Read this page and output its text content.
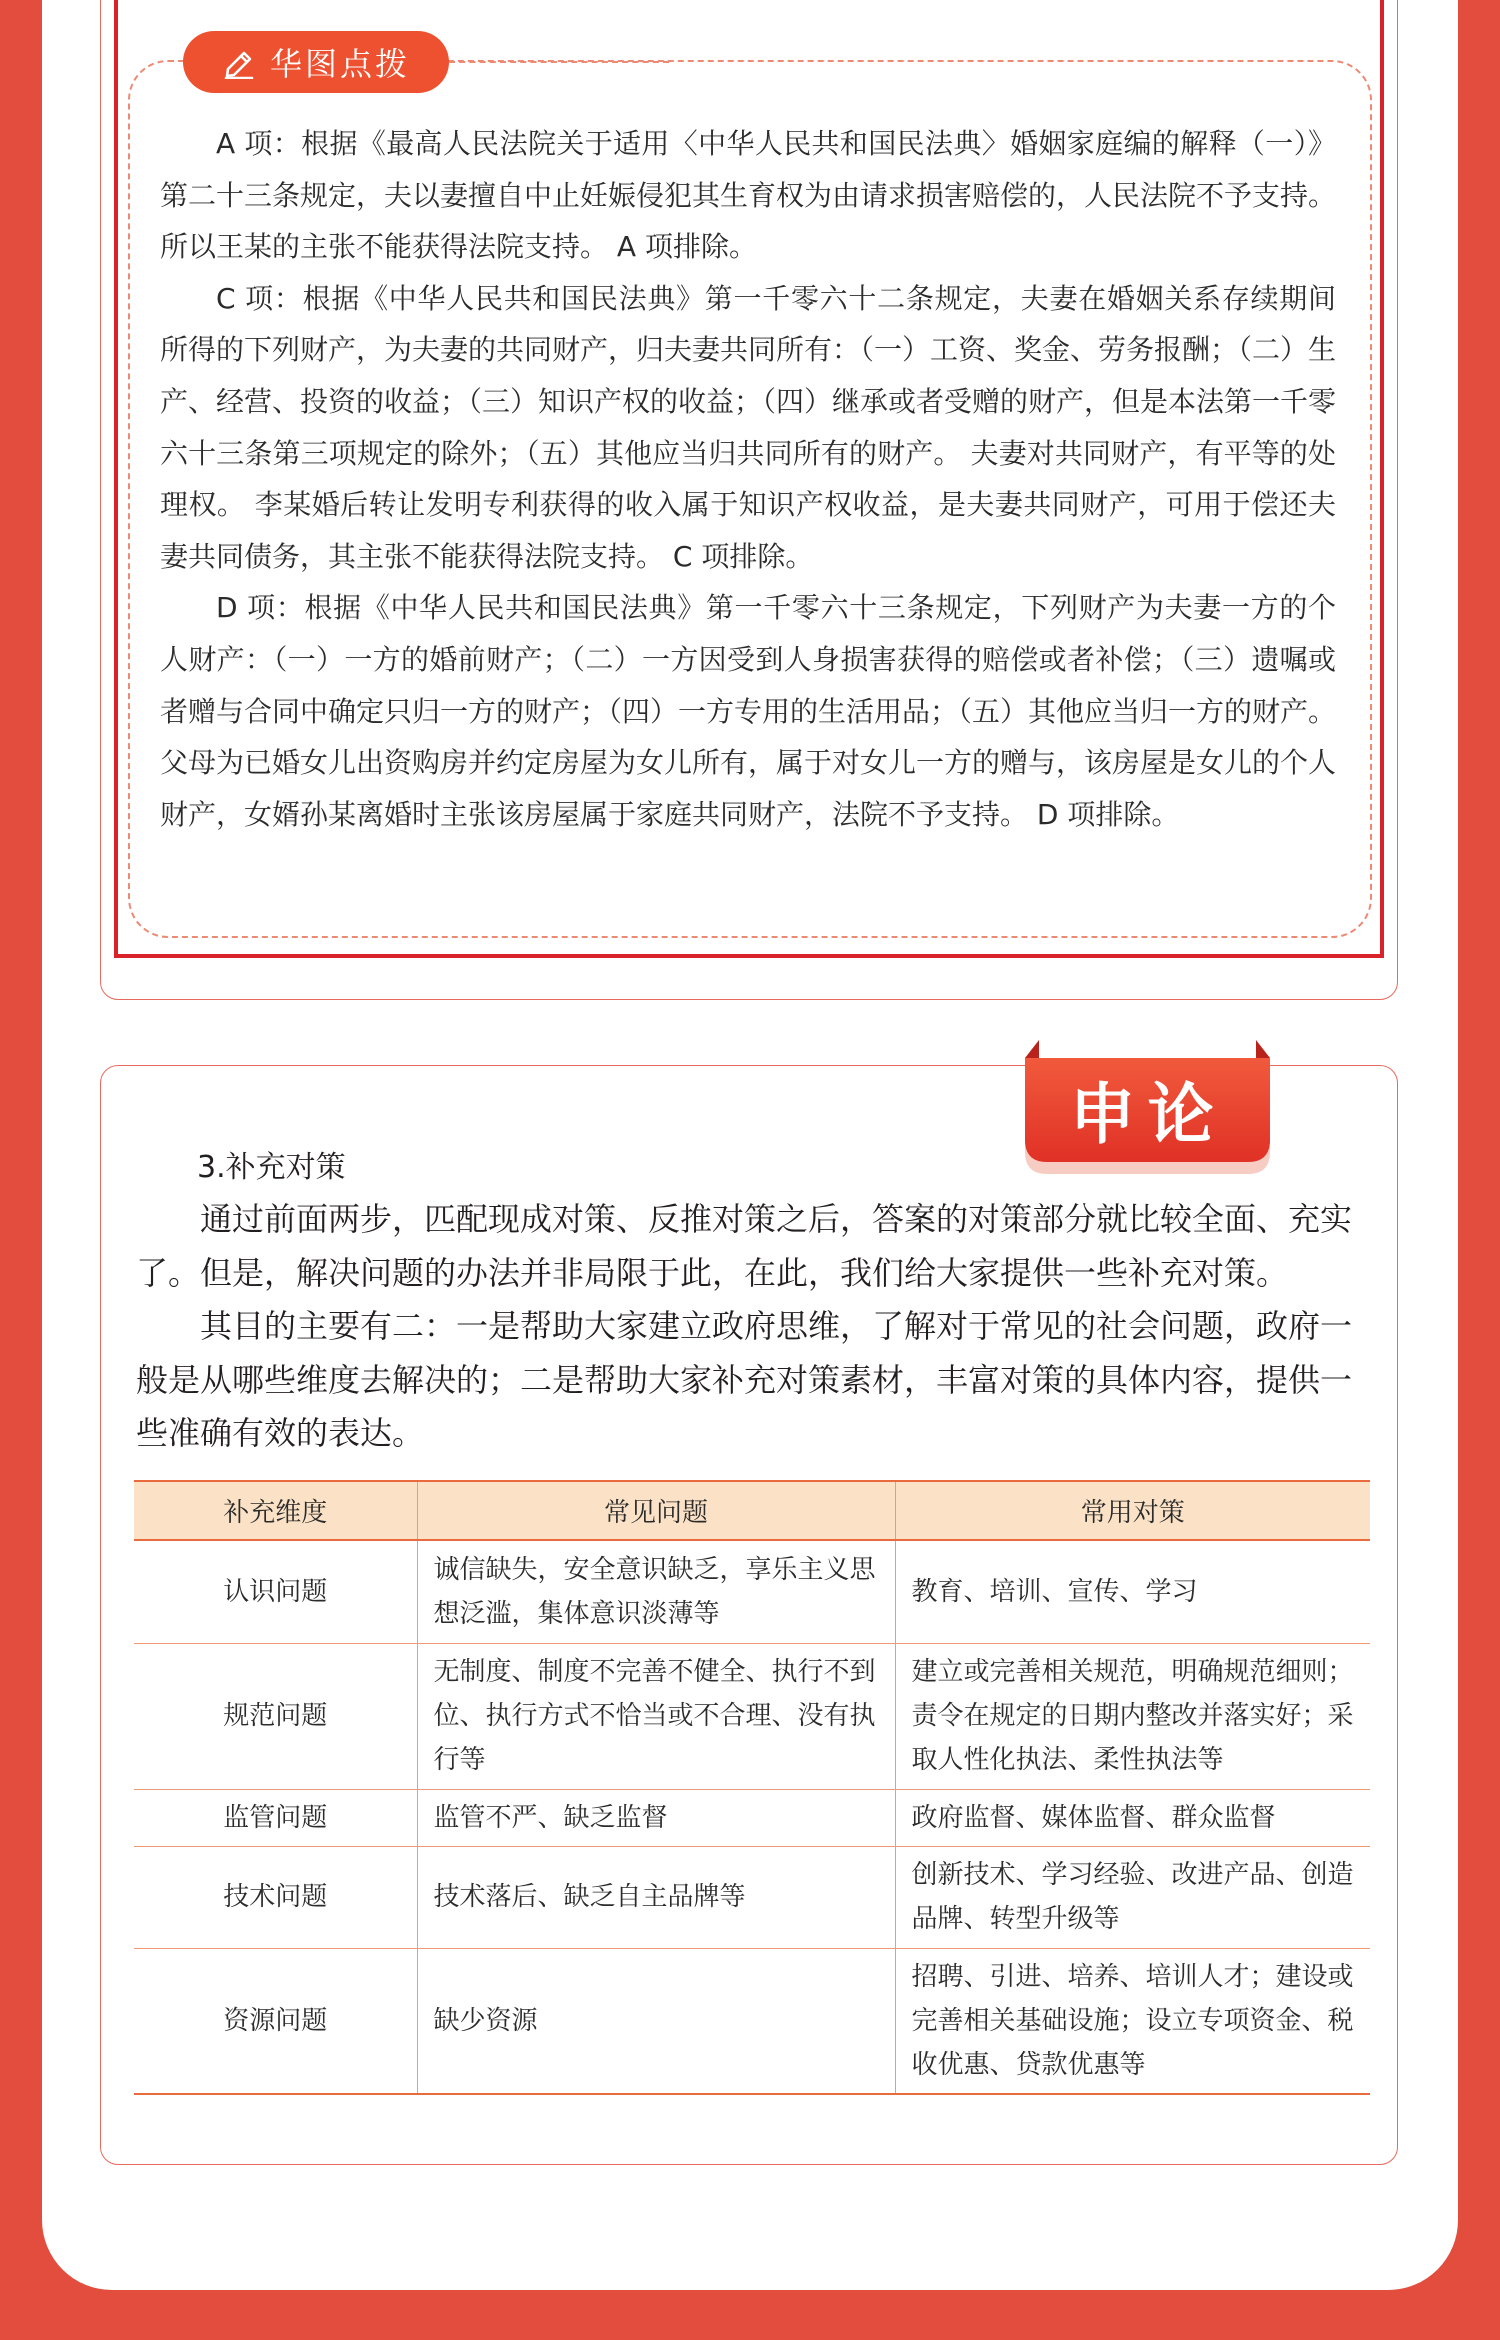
华图点拨

A 项：根据《最高人民法院关于适用〈中华人民共和国民法典〉婚姻家庭编的解释（一）》第二十三条规定，夫以妻擅自中止妊娠侵犯其生育权为由请求损害赔偿的，人民法院不予支持。 所以王某的主张不能获得法院支持。 A 项排除。

C 项：根据《中华人民共和国民法典》第一千零六十二条规定，夫妻在婚姻关系存续期间所得的下列财产，为夫妻的共同财产，归夫妻共同所有：（一）工资、奖金、劳务报酬；（二）生产、经营、投资的收益；（三）知识产权的收益；（四）继承或者受赠的财产，但是本法第一千零六十三条第三项规定的除外；（五）其他应当归共同所有的财产。 夫妻对共同财产，有平等的处理权。 李某婚后转让发明专利获得的收入属于知识产权收益，是夫妻共同财产，可用于偿还夫妻共同债务，其主张不能获得法院支持。 C 项排除。

D 项：根据《中华人民共和国民法典》第一千零六十三条规定，下列财产为夫妻一方的个人财产：（一）一方的婚前财产；（二）一方因受到人身损害获得的赔偿或者补偿；（三）遗嘱或者赠与合同中确定只归一方的财产；（四）一方专用的生活用品；（五）其他应当归一方的财产。 父母为已婚女儿出资购房并约定房屋为女儿所有，属于对女儿一方的赠与，该房屋是女儿的个人财产，女婿孙某离婚时主张该房屋属于家庭共同财产，法院不予支持。 D 项排除。

申论
3.补充对策

通过前面两步，匹配现成对策、反推对策之后，答案的对策部分就比较全面、充实了。但是，解决问题的办法并非局限于此，在此，我们给大家提供一些补充对策。

其目的主要有二：一是帮助大家建立政府思维，了解对于常见的社会问题，政府一般是从哪些维度去解决的；二是帮助大家补充对策素材，丰富对策的具体内容，提供一些准确有效的表达。

补充维度	常见问题	常用对策
认识问题	诚信缺失，安全意识缺乏，享乐主义思想泛滥，集体意识淡薄等	教育、培训、宣传、学习
规范问题	无制度、制度不完善不健全、执行不到位、执行方式不恰当或不合理、没有执行等	建立或完善相关规范，明确规范细则；责令在规定的日期内整改并落实好；采取人性化执法、柔性执法等
监管问题	监管不严、缺乏监督	政府监督、媒体监督、群众监督
技术问题	技术落后、缺乏自主品牌等	创新技术、学习经验、改进产品、创造品牌、转型升级等
资源问题	缺少资源	招聘、引进、培养、培训人才；建设或完善相关基础设施；设立专项资金、税收优惠、贷款优惠等
